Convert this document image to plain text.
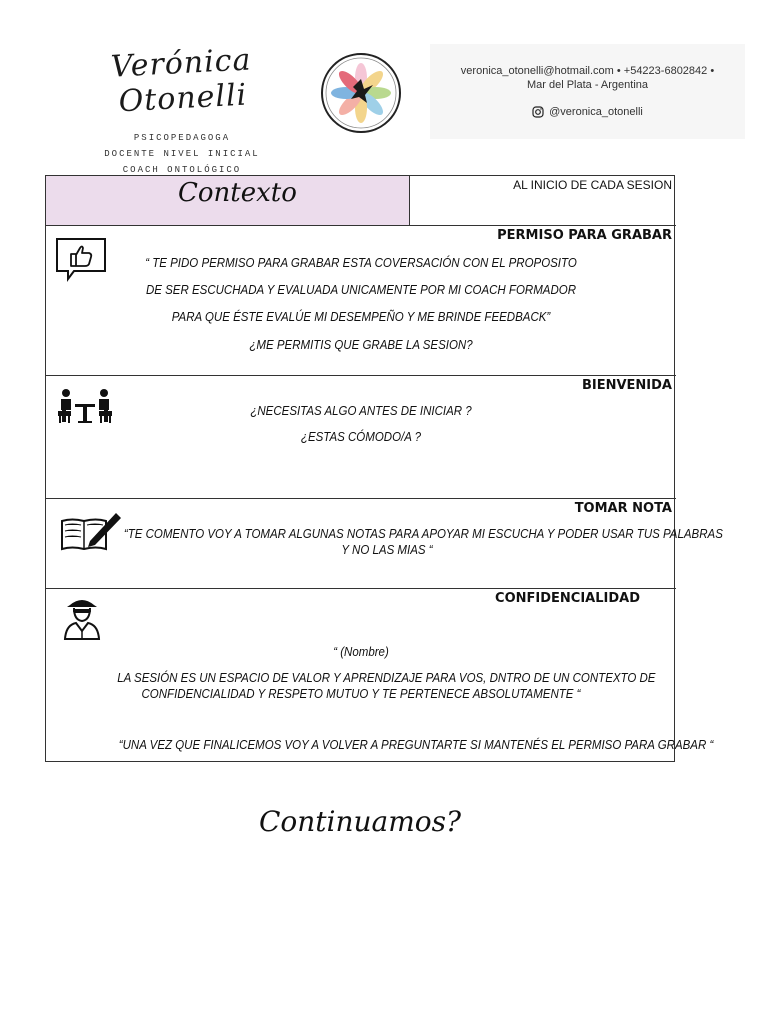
Verónica Otonelli
PSICOPEDAGOGA
DOCENTE NIVEL INICIAL
COACH ONTOLÓGICO
veronica_otonelli@hotmail.com • +54223-6802842 •
Mar del Plata - Argentina
@veronica_otonelli
Contexto	AL INICIO DE CADA SESION
PERMISO PARA GRABAR
“ TE PIDO PERMISO PARA GRABAR ESTA COVERSACIÓN CON EL PROPOSITO
DE SER ESCUCHADA Y EVALUADA UNICAMENTE POR MI COACH FORMADOR
PARA QUE ÉSTE EVALÚE MI DESEMPEÑO Y ME BRINDE FEEDBACK”
¿ME PERMITIS QUE GRABE LA SESION?
BIENVENIDA
¿NECESITAS ALGO ANTES DE INICIAR ?
¿ESTAS CÓMODO/A ?
TOMAR NOTA
“TE COMENTO VOY A TOMAR ALGUNAS NOTAS PARA APOYAR MI ESCUCHA Y PODER USAR TUS PALABRAS
Y NO LAS MIAS “
CONFIDENCIALIDAD
“ (Nombre)
LA SESIÓN ES UN ESPACIO DE VALOR Y APRENDIZAJE PARA VOS, DNTRO DE UN CONTEXTO DE
CONFIDENCIALIDAD Y RESPETO MUTUO Y TE PERTENECE ABSOLUTAMENTE “
“UNA VEZ QUE FINALICEMOS VOY A VOLVER A PREGUNTARTE SI MANTENÉS EL PERMISO PARA GRABAR “
Continuamos?
